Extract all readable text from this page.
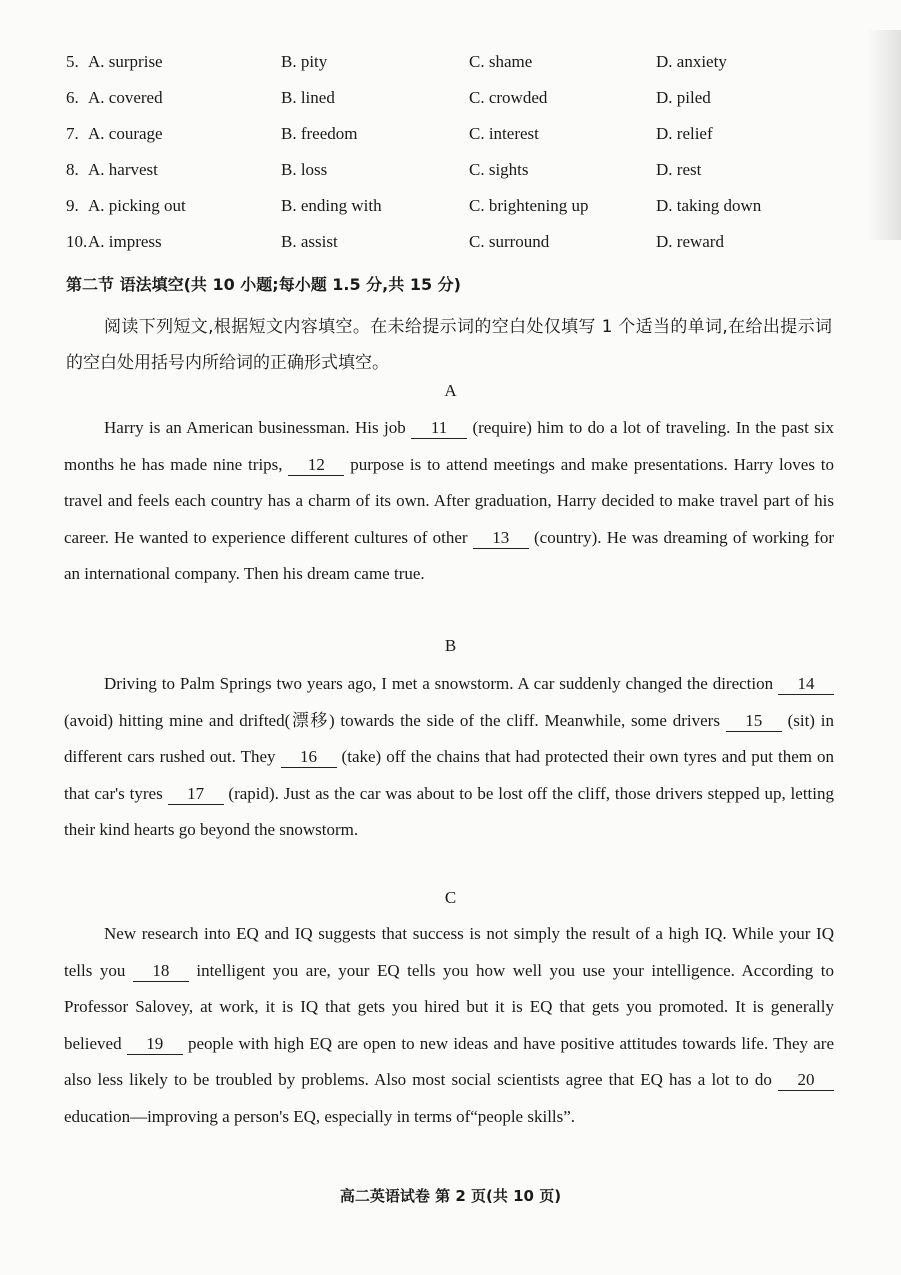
5. A. surprise	B. pity	C. shame	D. anxiety
6. A. covered	B. lined	C. crowded	D. piled
7. A. courage	B. freedom	C. interest	D. relief
8. A. harvest	B. loss	C. sights	D. rest
9. A. picking out	B. ending with	C. brightening up	D. taking down
10. A. impress	B. assist	C. surround	D. reward
第二节 语法填空(共 10 小题;每小题 1.5 分,共 15 分)
阅读下列短文,根据短文内容填空。在未给提示词的空白处仅填写 1 个适当的单词,在给出提示词的空白处用括号内所给词的正确形式填空。
A

Harry is an American businessman. His job 11 (require) him to do a lot of traveling. In the past six months he has made nine trips, 12 purpose is to attend meetings and make presentations. Harry loves to travel and feels each country has a charm of its own. After graduation, Harry decided to make travel part of his career. He wanted to experience different cultures of other 13 (country). He was dreaming of working for an international company. Then his dream came true.

B

Driving to Palm Springs two years ago, I met a snowstorm. A car suddenly changed the direction 14 (avoid) hitting mine and drifted(漂移) towards the side of the cliff. Meanwhile, some drivers 15 (sit) in different cars rushed out. They 16 (take) off the chains that had protected their own tyres and put them on that car's tyres 17 (rapid). Just as the car was about to be lost off the cliff, those drivers stepped up, letting their kind hearts go beyond the snowstorm.

C

New research into EQ and IQ suggests that success is not simply the result of a high IQ. While your IQ tells you 18 intelligent you are, your EQ tells you how well you use your intelligence. According to Professor Salovey, at work, it is IQ that gets you hired but it is EQ that gets you promoted. It is generally believed 19 people with high EQ are open to new ideas and have positive attitudes towards life. They are also less likely to be troubled by problems. Also most social scientists agree that EQ has a lot to do 20 education—improving a person's EQ, especially in terms of“people skills”.

高二英语试卷 第 2 页(共 10 页)
